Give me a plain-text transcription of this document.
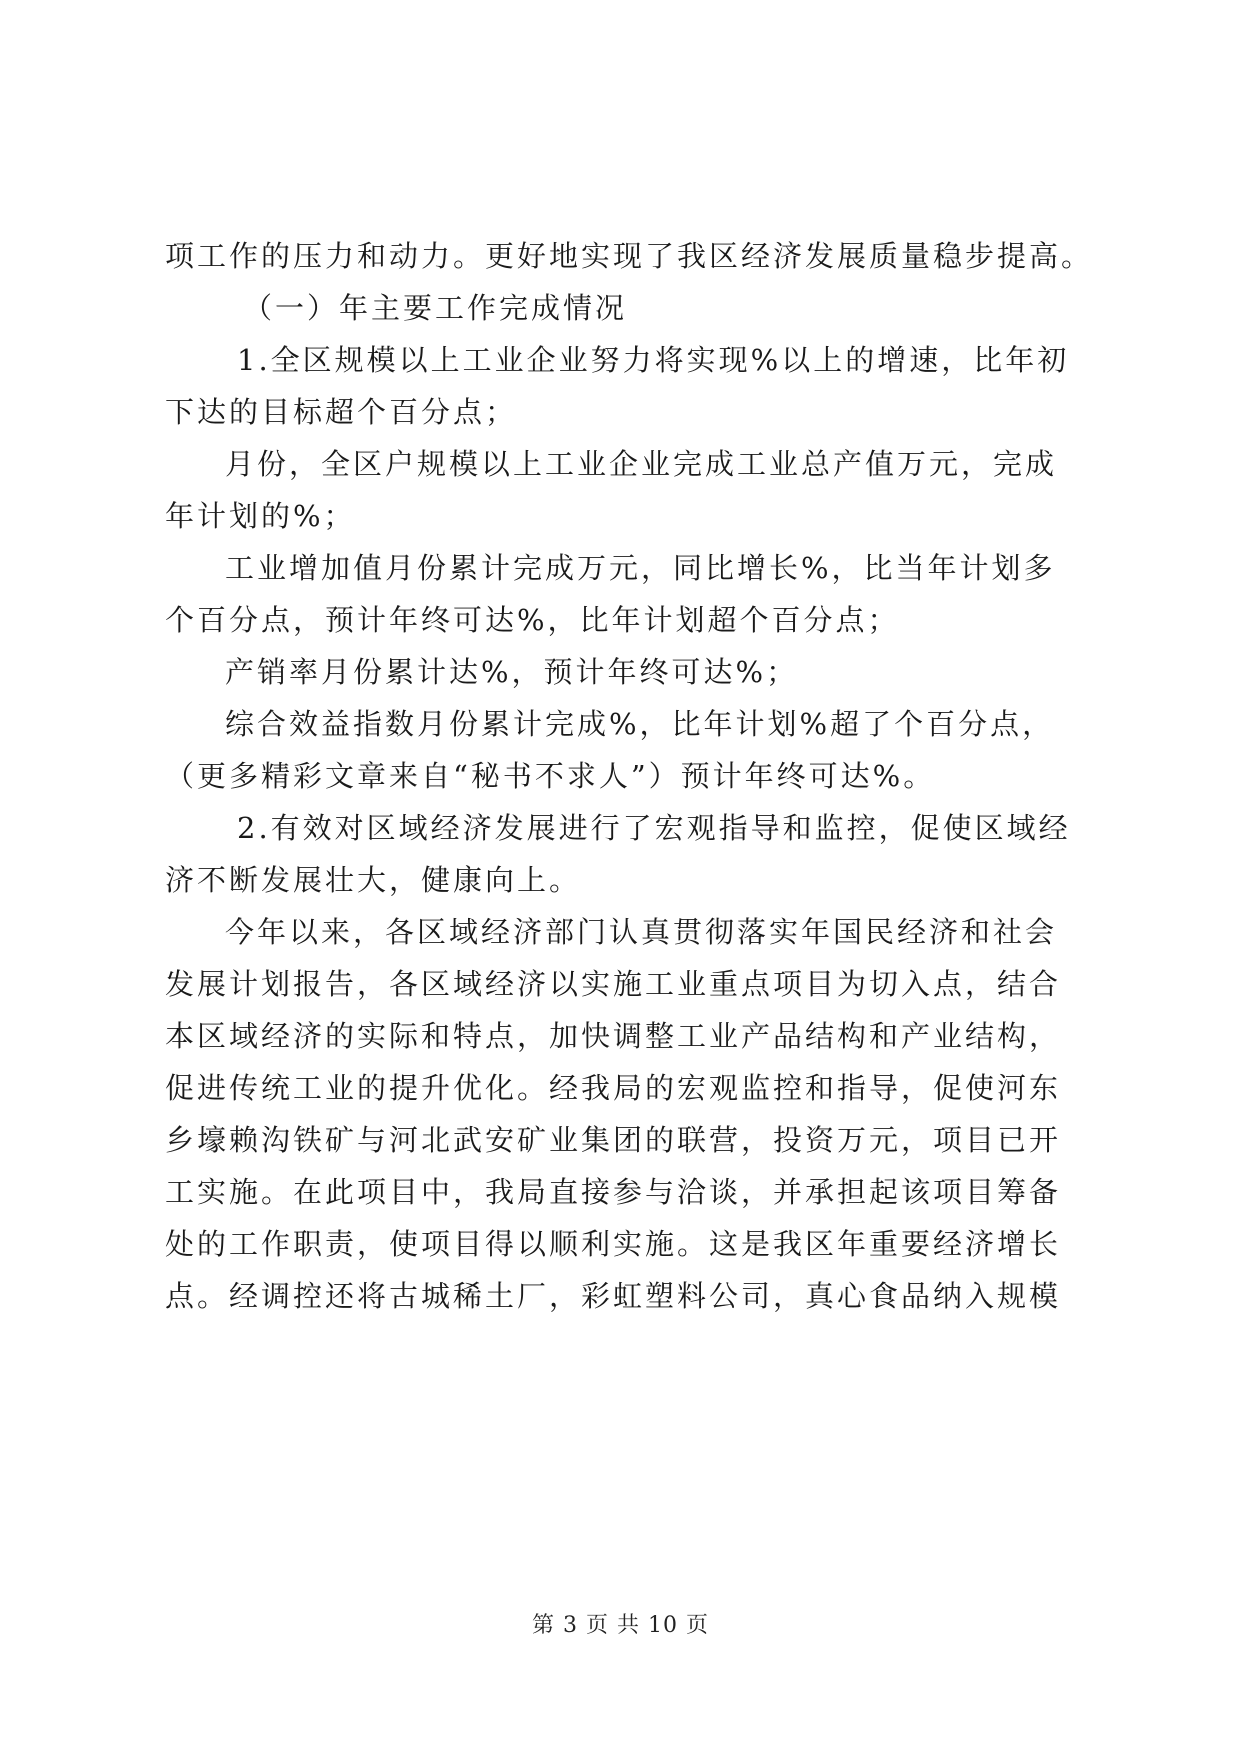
项工作的压力和动力。更好地实现了我区经济发展质量稳步提高。
（一）年主要工作完成情况
1.全区规模以上工业企业努力将实现%以上的增速，比年初
下达的目标超个百分点；
月份，全区户规模以上工业企业完成工业总产值万元，完成
年计划的%；
工业增加值月份累计完成万元，同比增长%，比当年计划多
个百分点，预计年终可达%，比年计划超个百分点；
产销率月份累计达%，预计年终可达%；
综合效益指数月份累计完成%，比年计划%超了个百分点，
（更多精彩文章来自“秘书不求人”）预计年终可达%。
2.有效对区域经济发展进行了宏观指导和监控，促使区域经
济不断发展壮大，健康向上。
今年以来，各区域经济部门认真贯彻落实年国民经济和社会
发展计划报告，各区域经济以实施工业重点项目为切入点，结合
本区域经济的实际和特点，加快调整工业产品结构和产业结构，
促进传统工业的提升优化。经我局的宏观监控和指导，促使河东
乡壕赖沟铁矿与河北武安矿业集团的联营，投资万元，项目已开
工实施。在此项目中，我局直接参与洽谈，并承担起该项目筹备
处的工作职责，使项目得以顺利实施。这是我区年重要经济增长
点。经调控还将古城稀土厂，彩虹塑料公司，真心食品纳入规模
第 3 页 共 10 页
